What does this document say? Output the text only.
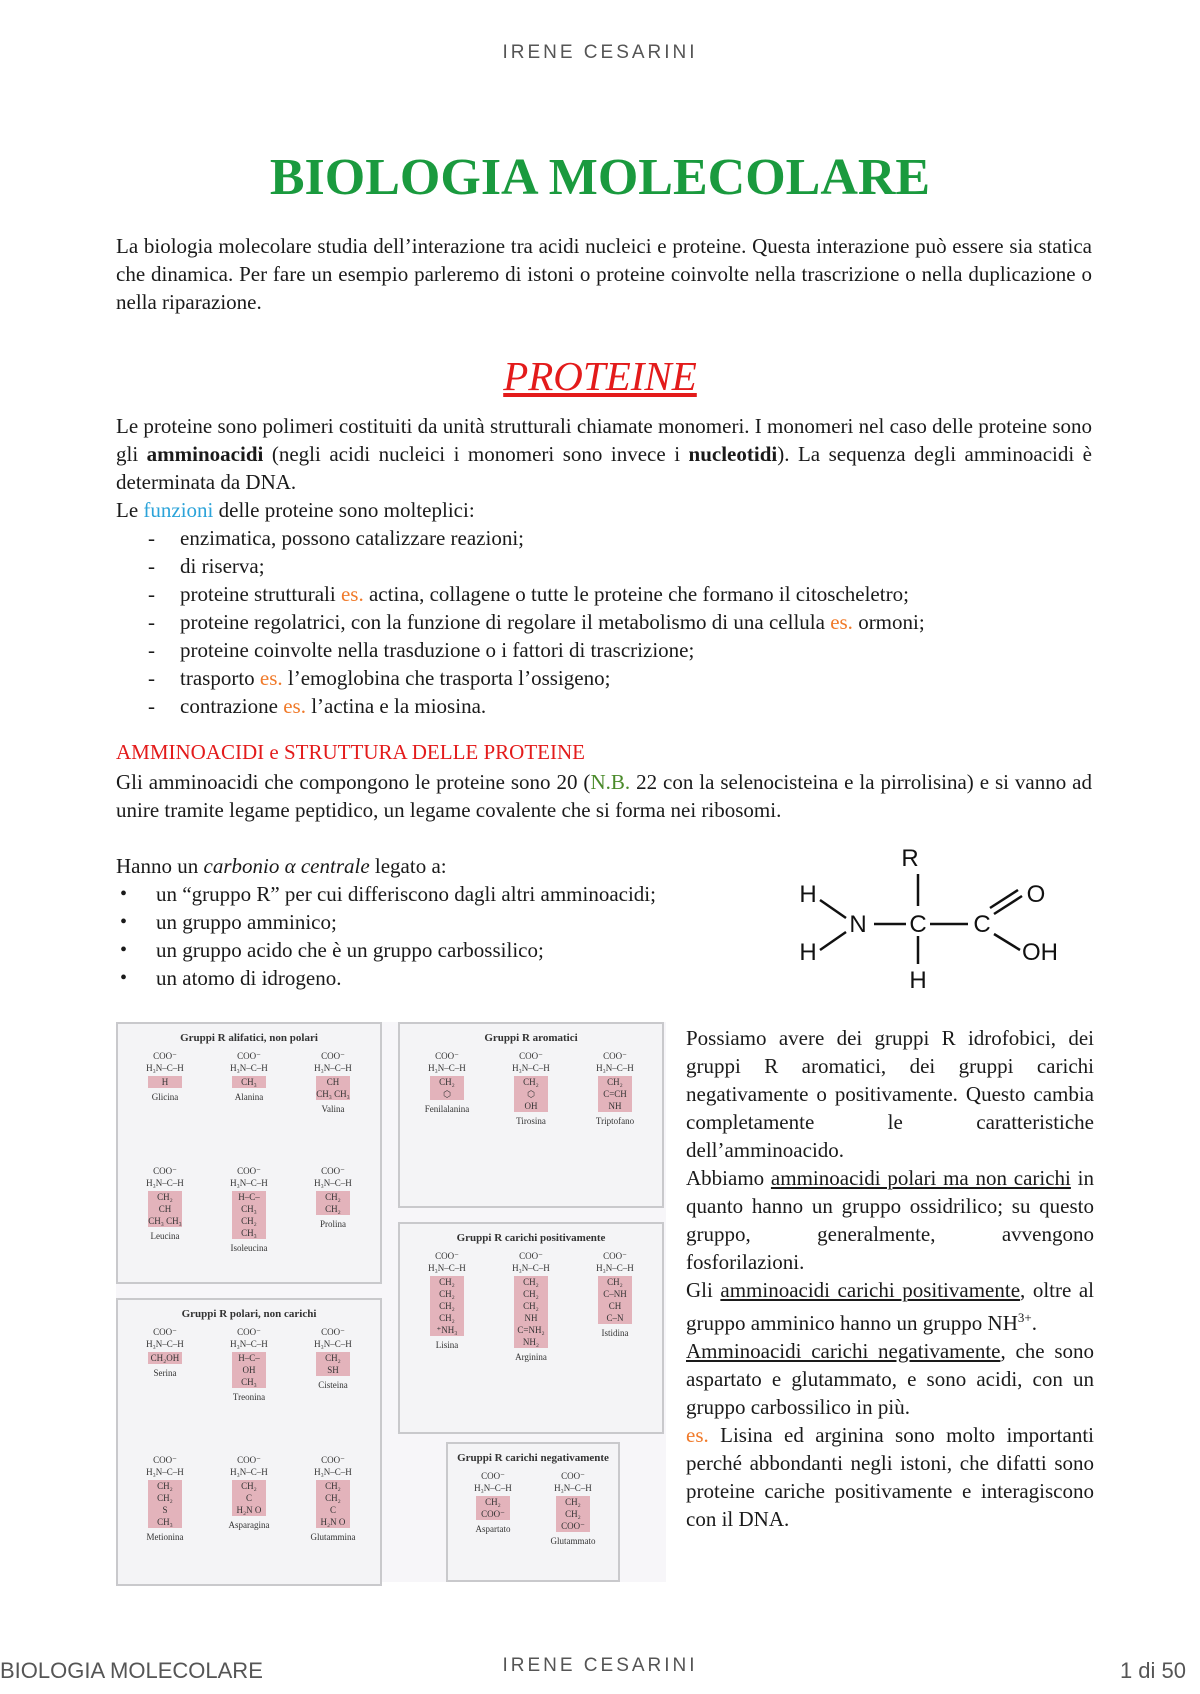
IRENE CESARINI
BIOLOGIA MOLECOLARE
La biologia molecolare studia dell’interazione tra acidi nucleici e proteine. Questa interazione può essere sia statica che dinamica. Per fare un esempio parleremo di istoni o proteine coinvolte nella trascrizione o nella duplicazione o nella riparazione.
PROTEINE
Le proteine sono polimeri costituiti da unità strutturali chiamate monomeri. I monomeri nel caso delle proteine sono gli amminoacidi (negli acidi nucleici i monomeri sono invece i nucleotidi). La sequenza degli amminoacidi è determinata da DNA.
Le funzioni delle proteine sono molteplici:
- enzimatica, possono catalizzare reazioni;
- di riserva;
- proteine strutturali es. actina, collagene o tutte le proteine che formano il citoscheletro;
- proteine regolatrici, con la funzione di regolare il metabolismo di una cellula es. ormoni;
- proteine coinvolte nella trasduzione o i fattori di trascrizione;
- trasporto es. l’emoglobina che trasporta l’ossigeno;
- contrazione es. l’actina e la miosina.
AMMINOACIDI e STRUTTURA DELLE PROTEINE
Gli amminoacidi che compongono le proteine sono 20 (N.B. 22 con la selenocisteina e la pirrolisina) e si vanno ad unire tramite legame peptidico, un legame covalente che si forma nei ribosomi.
Hanno un carbonio α centrale legato a:
• un “gruppo R” per cui differiscono dagli altri amminoacidi;
• un gruppo amminico;
• un gruppo acido che è un gruppo carbossilico;
• un atomo di idrogeno.
R
H
H
N C C
O
OH
H
Gruppi R alifatici, non polari
COO⁻
H₃N–C–H
H
Glicina
COO⁻
H₃N–C–H
CH₃
Alanina
COO⁻
H₃N–C–H
CH
CH₃ CH₃
Valina
COO⁻
H₃N–C–H
CH₂
CH
CH₃ CH₃
Leucina
COO⁻
H₃N–C–H
H–C–CH₃
CH₂
CH₃
Isoleucina
COO⁻
H₃N–C–H
CH₂
CH₂
Prolina
Gruppi R aromatici
COO⁻
H₃N–C–H
CH₂
⬡
Fenilalanina
COO⁻
H₃N–C–H
CH₂
⬡
OH
Tirosina
COO⁻
H₃N–C–H
CH₂
C=CH
NH
Triptofano
Gruppi R polari, non carichi
COO⁻
H₃N–C–H
CH₂OH
Serina
COO⁻
H₃N–C–H
H–C–OH
CH₃
Treonina
COO⁻
H₃N–C–H
CH₂
SH
Cisteina
COO⁻
H₃N–C–H
CH₂
CH₂
S
CH₃
Metionina
COO⁻
H₃N–C–H
CH₂
C
H₂N O
Asparagina
COO⁻
H₃N–C–H
CH₂
CH₂
C
H₂N O
Glutammina
Gruppi R carichi positivamente
COO⁻
H₃N–C–H
CH₂
CH₂
CH₂
CH₂
⁺NH₃
Lisina
COO⁻
H₃N–C–H
CH₂
CH₂
CH₂
NH
C=NH₂
NH₂
Arginina
COO⁻
H₃N–C–H
CH₂
C–NH
CH
C–N
Istidina
Gruppi R carichi negativamente
COO⁻
H₃N–C–H
CH₂
COO⁻
Aspartato
COO⁻
H₃N–C–H
CH₂
CH₂
COO⁻
Glutammato
Possiamo avere dei gruppi R idrofobici, dei gruppi R aromatici, dei gruppi carichi negativamente o positivamente. Questo cambia completamente le caratteristiche dell’amminoacido.
Abbiamo amminoacidi polari ma non carichi in quanto hanno un gruppo ossidrilico; su questo gruppo, generalmente, avvengono fosforilazioni.
Gli amminoacidi carichi positivamente, oltre al gruppo amminico hanno un gruppo $NH^{3+}$.
Amminoacidi carichi negativamente, che sono aspartato e glutammato, e sono acidi, con un gruppo carbossilico in più.
es. Lisina ed arginina sono molto importanti perché abbondanti negli istoni, che difatti sono proteine cariche positivamente e interagiscono con il DNA.
BIOLOGIA MOLECOLARE	IRENE CESARINI	1 di 50
